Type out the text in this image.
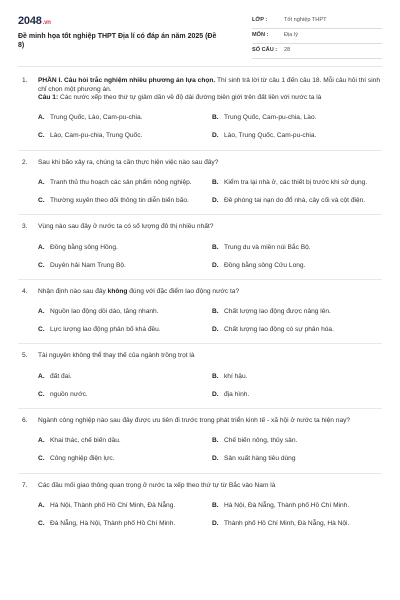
2048.vn
Đề minh họa tốt nghiệp THPT Địa lí có đáp án năm 2025 (Đề 8)
LỚP :	Tốt nghiệp THPT
MÔN :	Địa lý
SỐ CÂU :	28
1. PHẦN I. Câu hỏi trắc nghiệm nhiều phương án lựa chọn. Thí sinh trả lời từ câu 1 đến câu 18. Mỗi câu hỏi thí sinh chỉ chọn một phương án.
Câu 1: Các nước xếp theo thứ tự giảm dần về độ dài đường biên giới trên đất liền với nước ta là
A. Trung Quốc, Lào, Cam-pu-chia.	B. Trung Quốc, Cam-pu-chia, Lào.
C. Lào, Cam-pu-chia, Trung Quốc.	D. Lào, Trung Quốc, Cam-pu-chia.
2. Sau khi bão xảy ra, chúng ta cần thực hiện việc nào sau đây?
A. Tranh thủ thu hoạch các sản phẩm nông nghiệp.	B. Kiểm tra lại nhà ở, các thiết bị trước khi sử dụng.
C. Thường xuyên theo dõi thông tin diễn biến bão.	D. Đề phòng tai nạn do đổ nhà, cây cối và cột điện.
3. Vùng nào sau đây ở nước ta có số lượng đô thị nhiều nhất?
A. Đồng bằng sông Hồng.	B. Trung du và miền núi Bắc Bộ.
C. Duyên hải Nam Trung Bộ.	D. Đồng bằng sông Cửu Long.
4. Nhận định nào sau đây không đúng với đặc điểm lao động nước ta?
A. Nguồn lao động dồi dào, tăng nhanh.	B. Chất lượng lao động được nâng lên.
C. Lực lượng lao động phân bố khá đều.	D. Chất lượng lao động có sự phân hóa.
5. Tài nguyên không thể thay thế của ngành trồng trọt là
A. đất đai.	B. khí hậu.
C. nguồn nước.	D. địa hình.
6. Ngành công nghiệp nào sau đây được ưu tiên đi trước trong phát triển kinh tế - xã hội ở nước ta hiện nay?
A. Khai thác, chế biến dầu.	B. Chế biến nông, thủy sản.
C. Công nghiệp điện lực.	D. Sản xuất hàng tiêu dùng
7. Các đầu mối giao thông quan trọng ở nước ta xếp theo thứ tự từ Bắc vào Nam là
A. Hà Nội, Thành phố Hồ Chí Minh, Đà Nẵng.	B. Hà Nội, Đà Nẵng, Thành phố Hồ Chí Minh.
C. Đà Nẵng, Hà Nội, Thành phố Hồ Chí Minh.	D. Thành phố Hồ Chí Minh, Đà Nẵng, Hà Nội.
